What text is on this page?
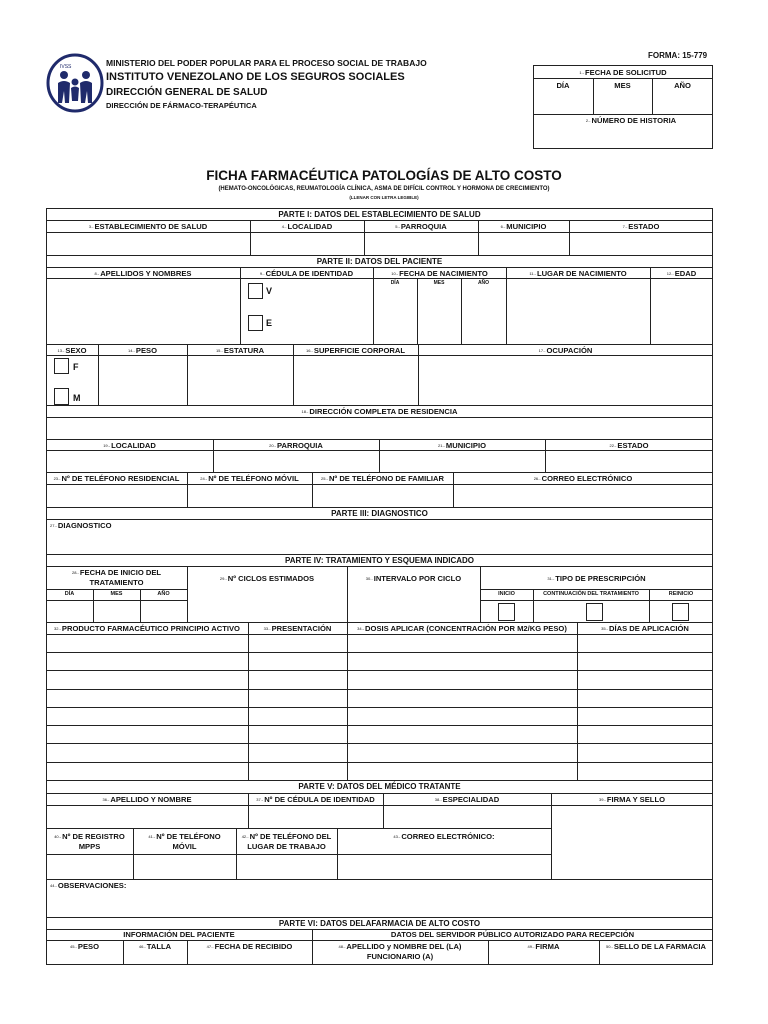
IVSS	MINISTERIO DEL PODER POPULAR PARA EL PROCESO SOCIAL DE TRABAJO
INSTITUTO VENEZOLANO DE LOS SEGUROS SOCIALES
DIRECCIÓN GENERAL DE SALUD
DIRECCIÓN DE FÁRMACO-TERAPÉUTICA
FORMA: 15-779
$^{1.-}$FECHA DE SOLICITUD
DÍA	MES	AÑO
$^{2.-}$NÚMERO DE HISTORIA
FICHA FARMACÉUTICA PATOLOGÍAS DE ALTO COSTO
(HEMATO-ONCOLÓGICAS, REUMATOLOGÍA CLÍNICA, ASMA DE DIFÍCIL CONTROL Y HORMONA DE CRECIMIENTO)
(LLENAR CON LETRA LEGIBLE)
PARTE I: DATOS DEL ESTABLECIMIENTO DE SALUD
$^{3.-}$ESTABLECIMIENTO DE SALUD	$^{4.-}$LOCALIDAD	$^{5.-}$PARROQUIA	$^{6.-}$MUNICIPIO	$^{7.-}$ESTADO
PARTE II: DATOS DEL PACIENTE
$^{8.-}$APELLIDOS Y NOMBRES	$^{9.-}$CÉDULA DE IDENTIDAD	$^{10.-}$FECHA DE NACIMIENTO	$^{11.-}$LUGAR DE NACIMIENTO	$^{12.-}$EDAD
DÍA	MES	AÑO
V
E
$^{13.-}$SEXO	$^{14.-}$PESO	$^{15.-}$ESTATURA	$^{16.-}$SUPERFICIE CORPORAL	$^{17.-}$OCUPACIÓN
F
M
$^{18.-}$DIRECCIÓN COMPLETA DE RESIDENCIA
$^{19.-}$LOCALIDAD	$^{20.-}$PARROQUIA	$^{21.-}$MUNICIPIO	$^{22.-}$ESTADO
$^{23.-}$Nº DE TELÉFONO RESIDENCIAL	$^{24.-}$Nº DE TELÉFONO MÓVIL	$^{25.-}$Nº DE TELÉFONO DE FAMILIAR	$^{26.-}$CORREO ELECTRÓNICO
PARTE III: DIAGNOSTICO
$^{27.-}$DIAGNOSTICO
PARTE IV: TRATAMIENTO Y ESQUEMA INDICADO
$^{28.-}$FECHA DE INICIO DEL
TRATAMIENTO
DÍA	MES	AÑO
$^{29.-}$Nº CICLOS ESTIMADOS	$^{30.-}$INTERVALO POR CICLO	$^{31.-}$TIPO DE PRESCRIPCIÓN
INICIO	CONTINUACIÓN DEL TRATAMIENTO	REINICIO
$^{32.-}$PRODUCTO FARMACÉUTICO PRINCIPIO ACTIVO	$^{33.-}$PRESENTACIÓN	$^{34.-}$DOSIS APLICAR (CONCENTRACIÓN POR M2/KG PESO)	$^{35.-}$DÍAS DE APLICACIÓN
PARTE V: DATOS DEL MÉDICO TRATANTE
$^{36.-}$APELLIDO Y NOMBRE	$^{37.-}$Nº DE CÉDULA DE IDENTIDAD	$^{38.-}$ESPECIALIDAD	$^{39.-}$FIRMA Y SELLO
$^{40.-}$Nº DE REGISTRO
MPPS
$^{41.-}$Nº DE TELÉFONO
MÓVIL
$^{42.-}$Nº DE TELÉFONO DEL
LUGAR DE TRABAJO
$^{43.-}$CORREO ELECTRÓNICO:
$^{44.-}$OBSERVACIONES:
PARTE VI: DATOS DELAFARMACIA DE ALTO COSTO
INFORMACIÓN DEL PACIENTE	DATOS DEL SERVIDOR PÚBLICO AUTORIZADO PARA RECEPCIÓN
$^{45.-}$PESO	$^{46.-}$TALLA	$^{47.-}$FECHA DE RECIBIDO	$^{48.-}$APELLIDO y NOMBRE DEL (LA)
FUNCIONARIO (A)
$^{49.-}$FIRMA	$^{50.-}$SELLO DE LA FARMACIA
